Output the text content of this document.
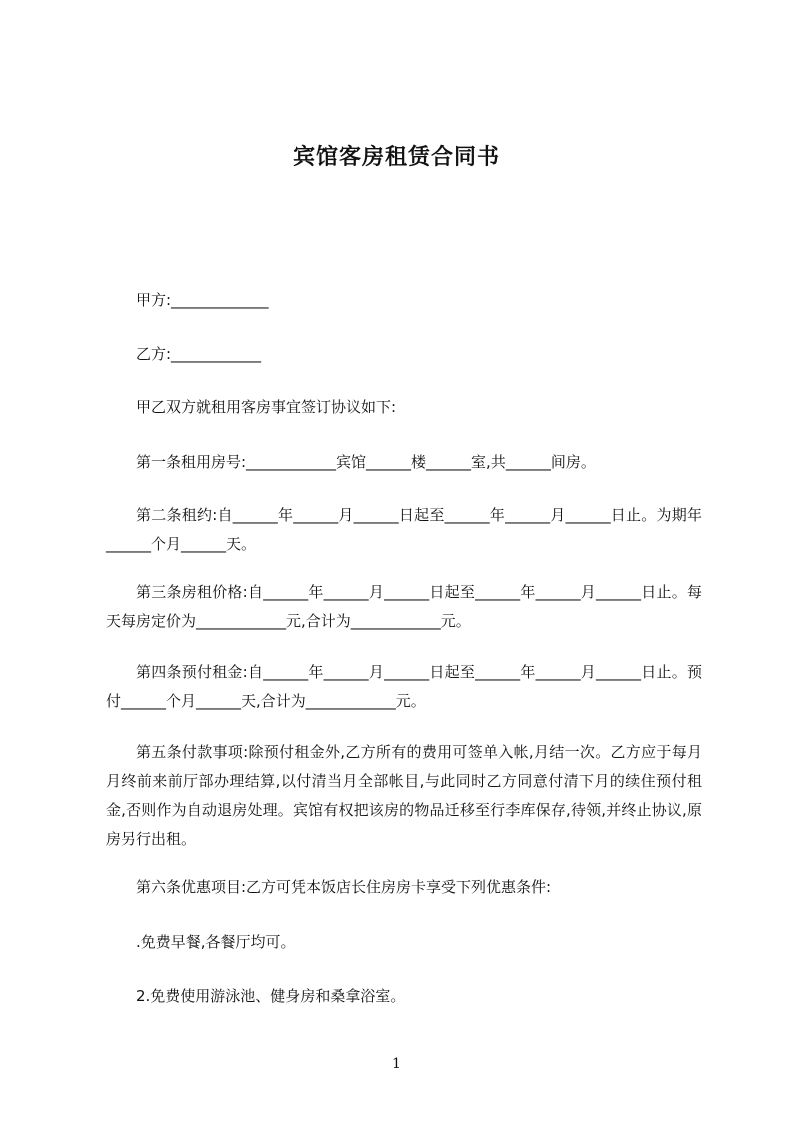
宾馆客房租赁合同书
甲方:_____________
乙方:____________
甲乙双方就租用客房事宜签订协议如下:
第一条租用房号:____________宾馆______楼______室,共______间房。
第二条租约:自______年______月______日起至______年______月______日止。为期年______个月______天。
第三条房租价格:自______年______月______日起至______年______月______日止。每天每房定价为____________元,合计为____________元。
第四条预付租金:自______年______月______日起至______年______月______日止。预付______个月______天,合计为____________元。
第五条付款事项:除预付租金外,乙方所有的费用可签单入帐,月结一次。乙方应于每月月终前来前厅部办理结算,以付清当月全部帐目,与此同时乙方同意付清下月的续住预付租金,否则作为自动退房处理。宾馆有权把该房的物品迁移至行李库保存,待领,并终止协议,原房另行出租。
第六条优惠项目:乙方可凭本饭店长住房房卡享受下列优惠条件:
.免费早餐,各餐厅均可。
2.免费使用游泳池、健身房和桑拿浴室。
1
